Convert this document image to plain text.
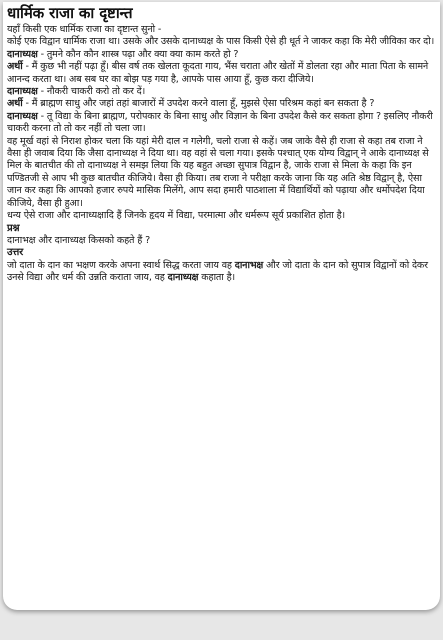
धार्मिक राजा का दृष्टान्त

यहाँ किसी एक धार्मिक राजा का दृष्टान्त सुनो -

कोई एक विद्वान धार्मिक राजा था। उसके और उसके दानाध्यक्ष के पास किसी ऐसे ही धूर्त ने जाकर कहा कि मेरी जीविका कर दो।

दानाध्यक्ष - तुमने कौन कौन शास्त्र पढ़ा और क्या क्या काम करते हो ?

अर्थी - मैं कुछ भी नहीं पढ़ा हूँ। बीस वर्ष तक खेलता कूदता गाय, भैंस चराता और खेतों में डोलता रहा और माता पिता के सामने आनन्द करता था। अब सब घर का बोझ पड़ गया है, आपके पास आया हूँ, कुछ करा दीजिये।

दानाध्यक्ष - नौकरी चाकरी करो तो कर दें।

अर्थी - मैं ब्राह्मण साधु और जहां तहां बाजारों में उपदेश करने वाला हूँ, मुझसे ऐसा परिश्रम कहां बन सकता है ?

दानाध्यक्ष - तू विद्या के बिना ब्राह्मण, परोपकार के बिना साधु और विज्ञान के बिना उपदेश कैसे कर सकता होगा ? इसलिए नौकरी चाकरी करना तो तो कर नहीं तो चला जा।

वह मूर्ख वहां से निराश होकर चला कि यहां मेरी दाल न गलेगी, चलो राजा से कहें। जब जाके वैसे ही राजा से कहा तब राजा ने वैसा ही जवाब दिया कि जैसा दानाध्यक्ष ने दिया था। वह वहां से चला गया। इसके पश्चात् एक योग्य विद्वान् ने आके दानाध्यक्ष से मिल के बातचीत की तो दानाध्यक्ष ने समझ लिया कि यह बहुत अच्छा सुपात्र विद्वान है, जाके राजा से मिला के कहा कि इन पण्डितजी से आप भी कुछ बातचीत कीजिये। वैसा ही किया। तब राजा ने परीक्षा करके जाना कि यह अति श्रेष्ठ विद्वान् है, ऐसा जान कर कहा कि आपको हजार रुपये मासिक मिलेंगे, आप सदा हमारी पाठशाला में विद्यार्थियों को पढ़ाया और धर्मोपदेश दिया कीजिये, वैसा ही हुआ।

धन्य ऐसे राजा और दानाध्यक्षादि हैं जिनके हृदय में विद्या, परमात्मा और धर्मरूप सूर्य प्रकाशित होता है।

प्रश्न

दानाभक्ष और दानाध्यक्ष किसको कहते हैं ?

उत्तर

जो दाता के दान का भक्षण करके अपना स्वार्थ सिद्ध करता जाय वह दानाभक्ष और जो दाता के दान को सुपात्र विद्वानों को देकर उनसे विद्या और धर्म की उन्नति कराता जाय, वह दानाध्यक्ष कहाता है।
